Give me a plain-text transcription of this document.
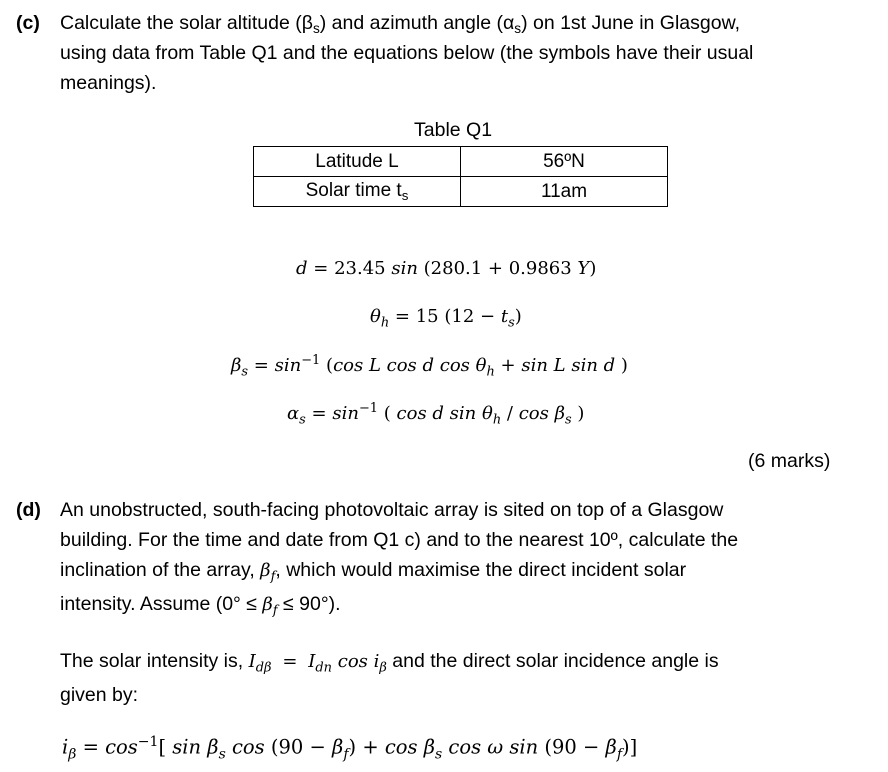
(c) Calculate the solar altitude $(\beta_s)$ and azimuth angle $(\alpha_s)$ on 1st June in Glasgow,
using data from Table Q1 and the equations below (the symbols have their usual
meanings).
Table Q1
Latitude L	56ºN
Solar time $t_s$	11am
d = 23.45 sin (280.1 + 0.9863 Y)
$\theta_h = 15$ $(12 - t_s)$
$\beta_s = \sin^{-1} (\cos$ L cos d $\cos \theta_h + \sin L$ sin d )
$\alpha_s = \sin^{-1}$ ( cos d $\sin \theta_h$ / $\cos \beta_s$ )
(6 marks)
(d) An unobstructed, south-facing photovoltaic array is sited on top of a Glasgow
building. For the time and date from Q1 c) and to the nearest 10º, calculate the
inclination of the array, $\beta_f$, which would maximise the direct incident solar
intensity. Assume $(0^\circ \le \beta_f \le 90^\circ)$.
The solar intensity is, $I_{d\beta} = I_{dn}$ $\cos i_\beta$ and the direct solar incidence angle is
given by:
$i_\beta = \cos^{-1}$[ $\sin \beta_s$ $\cos (90 - \beta_f) + \cos \beta_s$ cos ω $\sin (90 - \beta_f)$]
